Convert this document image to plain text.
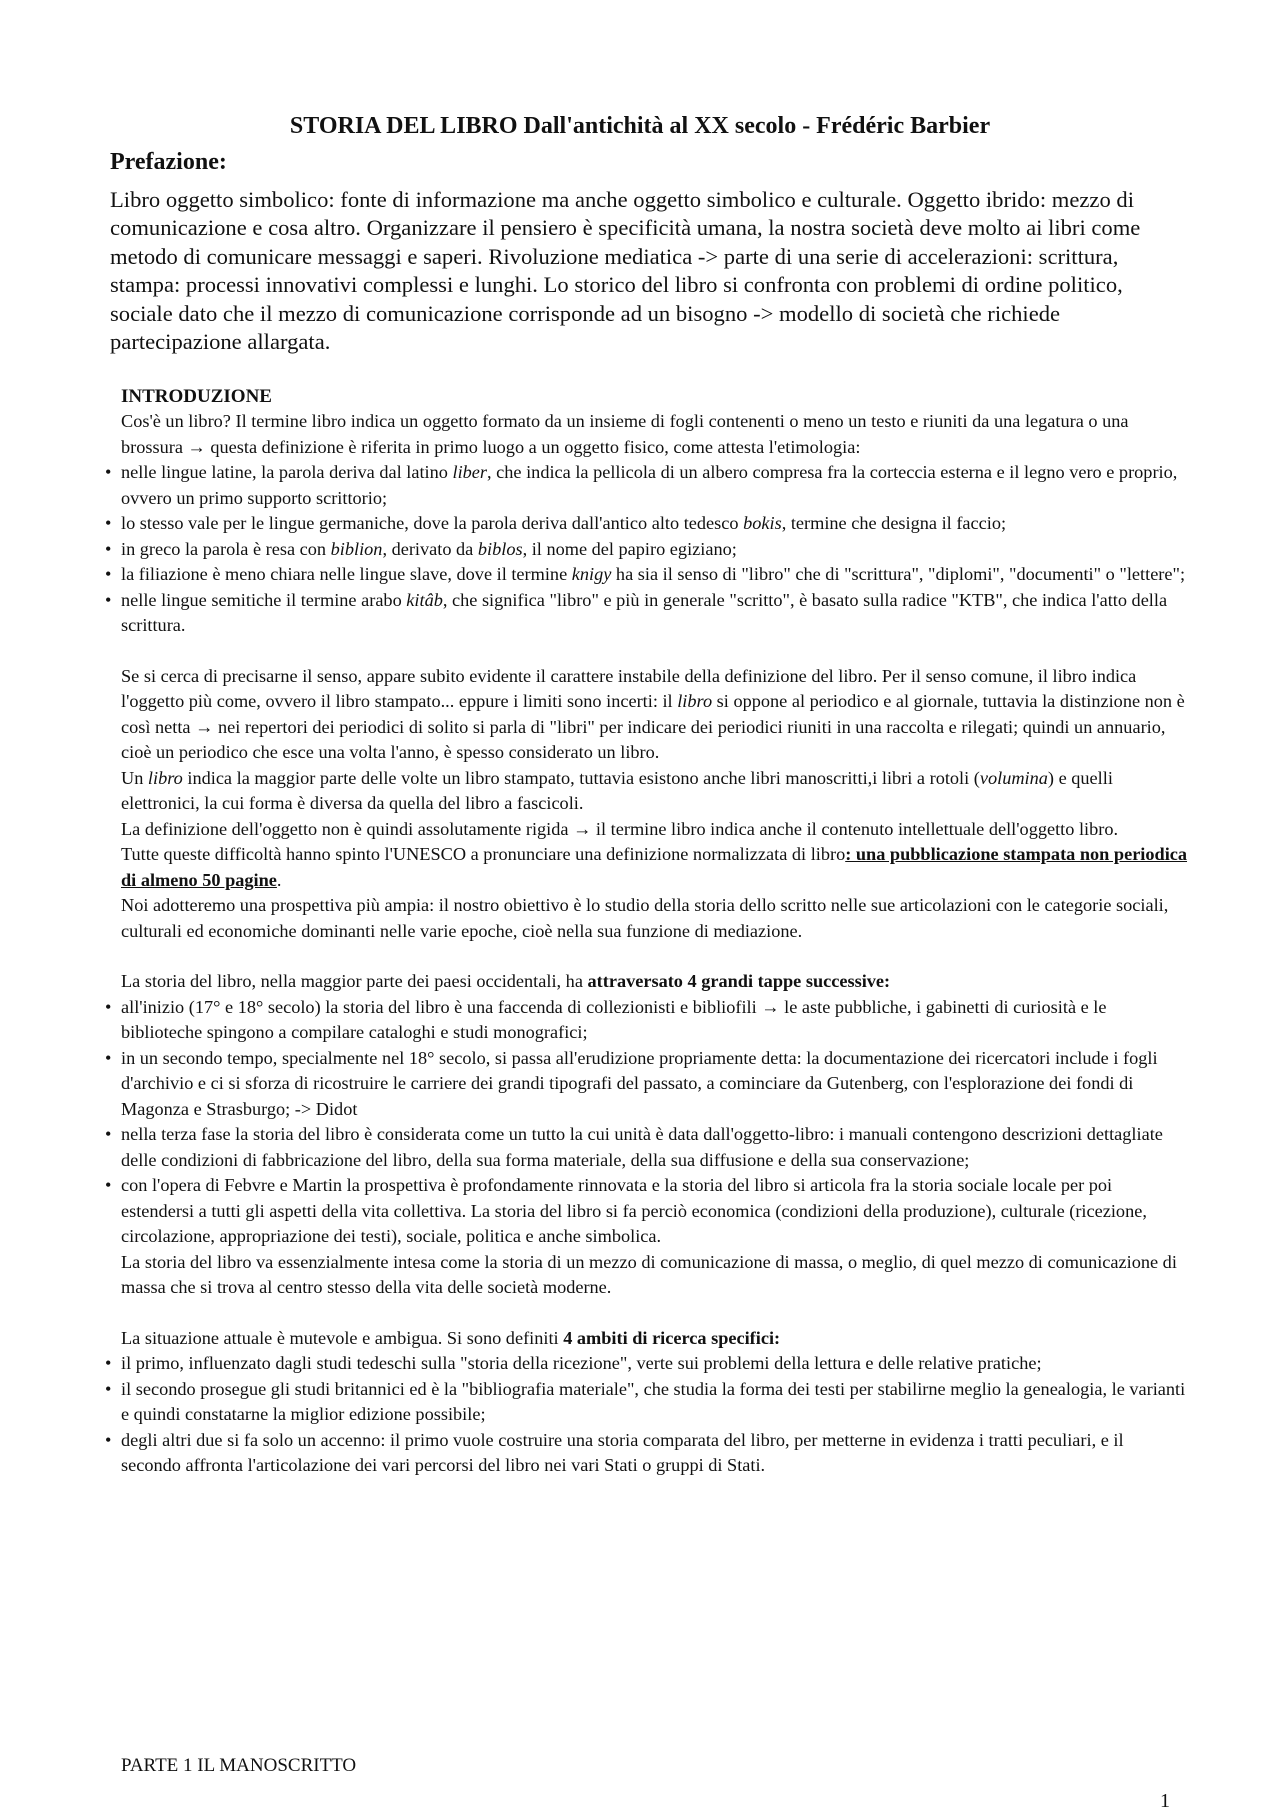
STORIA DEL LIBRO Dall'antichità al XX secolo - Frédéric Barbier
Prefazione:

Libro oggetto simbolico: fonte di informazione ma anche oggetto simbolico e culturale. Oggetto ibrido: mezzo di comunicazione e cosa altro. Organizzare il pensiero è specificità umana, la nostra società deve molto ai libri come metodo di comunicare messaggi e saperi. Rivoluzione mediatica -> parte di una serie di accelerazioni: scrittura, stampa: processi innovativi complessi e lunghi. Lo storico del libro si confronta con problemi di ordine politico, sociale dato che il mezzo di comunicazione corrisponde ad un bisogno -> modello di società che richiede partecipazione allargata.

INTRODUZIONE

Cos'è un libro? Il termine libro indica un oggetto formato da un insieme di fogli contenenti o meno un testo e riuniti da una legatura o una brossura → questa definizione è riferita in primo luogo a un oggetto fisico, come attesta l'etimologia:

• nelle lingue latine, la parola deriva dal latino liber, che indica la pellicola di un albero compresa fra la corteccia esterna e il legno vero e proprio, ovvero un primo supporto scrittorio;
• lo stesso vale per le lingue germaniche, dove la parola deriva dall'antico alto tedesco bokis, termine che designa il faccio;
• in greco la parola è resa con biblion, derivato da biblos, il nome del papiro egiziano;
• la filiazione è meno chiara nelle lingue slave, dove il termine knigy ha sia il senso di "libro" che di "scrittura", "diplomi", "documenti" o "lettere";
• nelle lingue semitiche il termine arabo kitâb, che significa "libro" e più in generale "scritto", è basato sulla radice "KTB", che indica l'atto della scrittura.

Se si cerca di precisarne il senso, appare subito evidente il carattere instabile della definizione del libro. Per il senso comune, il libro indica l'oggetto più come, ovvero il libro stampato... eppure i limiti sono incerti: il libro si oppone al periodico e al giornale, tuttavia la distinzione non è così netta → nei repertori dei periodici di solito si parla di "libri" per indicare dei periodici riuniti in una raccolta e rilegati; quindi un annuario, cioè un periodico che esce una volta l'anno, è spesso considerato un libro.

Un libro indica la maggior parte delle volte un libro stampato, tuttavia esistono anche libri manoscritti,i libri a rotoli (volumina) e quelli elettronici, la cui forma è diversa da quella del libro a fascicoli.

La definizione dell'oggetto non è quindi assolutamente rigida → il termine libro indica anche il contenuto intellettuale dell'oggetto libro.

Tutte queste difficoltà hanno spinto l'UNESCO a pronunciare una definizione normalizzata di libro: una pubblicazione stampata non periodica di almeno 50 pagine.

Noi adotteremo una prospettiva più ampia: il nostro obiettivo è lo studio della storia dello scritto nelle sue articolazioni con le categorie sociali, culturali ed economiche dominanti nelle varie epoche, cioè nella sua funzione di mediazione.

La storia del libro, nella maggior parte dei paesi occidentali, ha attraversato 4 grandi tappe successive:

• all'inizio (17° e 18° secolo) la storia del libro è una faccenda di collezionisti e bibliofili → le aste pubbliche, i gabinetti di curiosità e le biblioteche spingono a compilare cataloghi e studi monografici;
• in un secondo tempo, specialmente nel 18° secolo, si passa all'erudizione propriamente detta: la documentazione dei ricercatori include i fogli d'archivio e ci si sforza di ricostruire le carriere dei grandi tipografi del passato, a cominciare da Gutenberg, con l'esplorazione dei fondi di Magonza e Strasburgo; -> Didot
• nella terza fase la storia del libro è considerata come un tutto la cui unità è data dall'oggetto-libro: i manuali contengono descrizioni dettagliate delle condizioni di fabbricazione del libro, della sua forma materiale, della sua diffusione e della sua conservazione;
• con l'opera di Febvre e Martin la prospettiva è profondamente rinnovata e la storia del libro si articola fra la storia sociale locale per poi estendersi a tutti gli aspetti della vita collettiva. La storia del libro si fa perciò economica (condizioni della produzione), culturale (ricezione, circolazione, appropriazione dei testi), sociale, politica e anche simbolica.

La storia del libro va essenzialmente intesa come la storia di un mezzo di comunicazione di massa, o meglio, di quel mezzo di comunicazione di massa che si trova al centro stesso della vita delle società moderne.

La situazione attuale è mutevole e ambigua. Si sono definiti 4 ambiti di ricerca specifici:

• il primo, influenzato dagli studi tedeschi sulla "storia della ricezione", verte sui problemi della lettura e delle relative pratiche;
• il secondo prosegue gli studi britannici ed è la "bibliografia materiale", che studia la forma dei testi per stabilirne meglio la genealogia, le varianti e quindi constatarne la miglior edizione possibile;
• degli altri due si fa solo un accenno: il primo vuole costruire una storia comparata del libro, per metterne in evidenza i tratti peculiari, e il secondo affronta l'articolazione dei vari percorsi del libro nei vari Stati o gruppi di Stati.

PARTE 1 IL MANOSCRITTO

1
